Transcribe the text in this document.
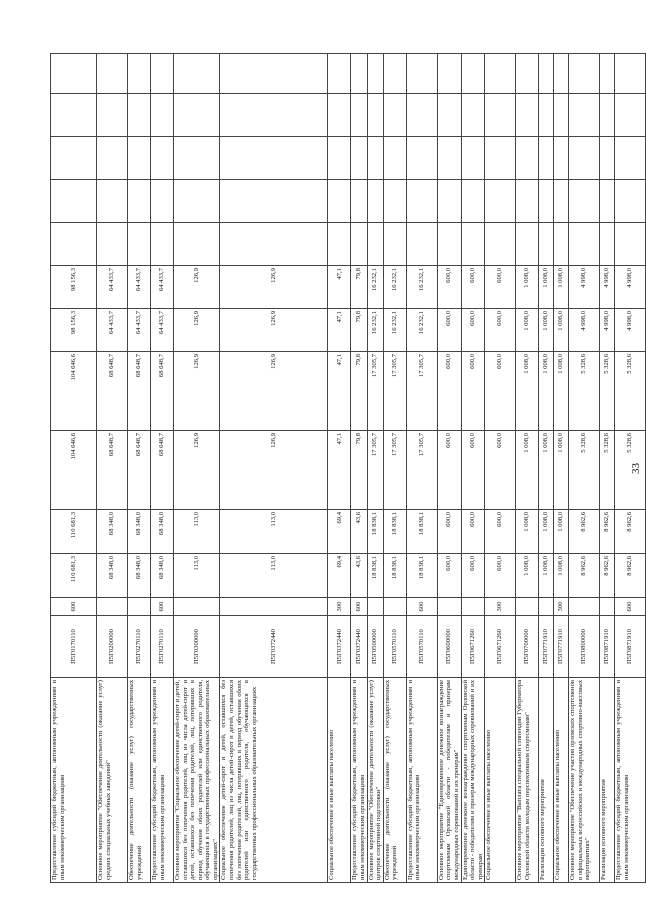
Предоставление субсидий бюджетным, автономным учреждениям и иным некоммерческим организациям	П5Г0170110	600	110 681,3	110 681,3	104 646,6	104 646,6	98 156,3	98 156,3					
Основное мероприятие "Обеспечение деятельности (оказание услуг) средних специальных учебных заведений"	П5Г0200000		68 348,0	68 348,0	68 648,7	68 648,7	64 433,7	64 433,7					
Обеспечение деятельности (оказание услуг) государственных учреждений	П5Г0270110		68 348,0	68 348,0	68 648,7	68 648,7	64 433,7	64 433,7					
Предоставление субсидий бюджетным, автономным учреждениям и иным некоммерческим организациям	П5Г0270110	600	68 348,0	68 348,0	68 648,7	68 648,7	64 433,7	64 433,7					
Основное мероприятие "Социальное обеспечение детей-сирот и детей, оставшихся без попечения родителей, лиц из числа детей-сирот и детей, оставшихся без попечения родителей, лиц, потерявших в период обучения обоих родителей или единственного родителя, обучающихся в государственных профессиональных образовательных организациях"	П5Г0300000		113,0	113,0	126,9	126,9	126,9	126,9					
Социальное обеспечение детей-сирот и детей, оставшихся без попечения родителей, лиц из числа детей-сирот и детей, оставшихся без попечения родителей, лиц, потерявших в период обучения обоих родителей или единственного родителя, обучающихся в государственных профессиональных образовательных организациях	П5Г0372440		113,0	113,0	126,9	126,9	126,9	126,9					
Социальное обеспечение и иные выплаты населению	П5Г0372440	300	69,4	69,4	47,1	47,1	47,1	47,1					
Предоставление субсидий бюджетным, автономным учреждениям и иным некоммерческим организациям	П5Г0372440	600	43,6	43,6	79,8	79,8	79,8	79,8					
Основное мероприятие "Обеспечение деятельности (оказание услуг) центров спортивной подготовки"	П5Г0500000		18 838,1	18 838,1	17 305,7	17 305,7	16 232,1	16 232,1					
Обеспечение деятельности (оказание услуг) государственных учреждений	П5Г0570110		18 838,1	18 838,1	17 305,7	17 305,7	16 232,1	16 232,1					
Предоставление субсидий бюджетным, автономным учреждениям и иным некоммерческим организациям	П5Г0570110	600	18 838,1	18 838,1	17 305,7	17 305,7	16 232,1	16 232,1					
Основное мероприятие "Единовременное денежное вознаграждение спортсменам Орловской области - победителям и призерам международных соревнований и их тренерам"	П5Г0600000		600,0	600,0	600,0	600,0	600,0	600,0					
Единовременное денежное вознаграждение спортсменам Орловской области - победителям и призерам международных соревнований и их тренерам	П5Г0671260		600,0	600,0	600,0	600,0	600,0	600,0					
Социальное обеспечение и иные выплаты населению	П5Г0671260	300	600,0	600,0	600,0	600,0	600,0	600,0					
Основное мероприятие "Выплата специальной стипендии Губернатора Орловской области молодым перспективным спортсменам"	П5Г0700000		1 008,0	1 008,0	1 008,0	1 008,0	1 008,0	1 008,0					
Реализация основного мероприятия	П5Г0771910		1 008,0	1 008,0	1 008,0	1 008,0	1 008,0	1 008,0					
Социальное обеспечение и иные выплаты населению	П5Г0771910	300	1 008,0	1 008,0	1 008,0	1 008,0	1 008,0	1 008,0					
Основное мероприятие "Обеспечение участия орловских спортсменов в официальных всероссийских и международных спортивно-массовых мероприятиях"	П5Г0800000		8 962,6	8 962,6	5 328,6	5 328,6	4 998,0	4 998,0					
Реализация основного мероприятия	П5Г0871910		8 962,6	8 962,6	5 328,6	5 328,6	4 998,0	4 998,0					
Предоставление субсидий бюджетным, автономным учреждениям и иным некоммерческим организациям	П5Г0871910	600	8 962,6	8 962,6	5 328,6	5 328,6	4 998,0	4 998,0					
33
